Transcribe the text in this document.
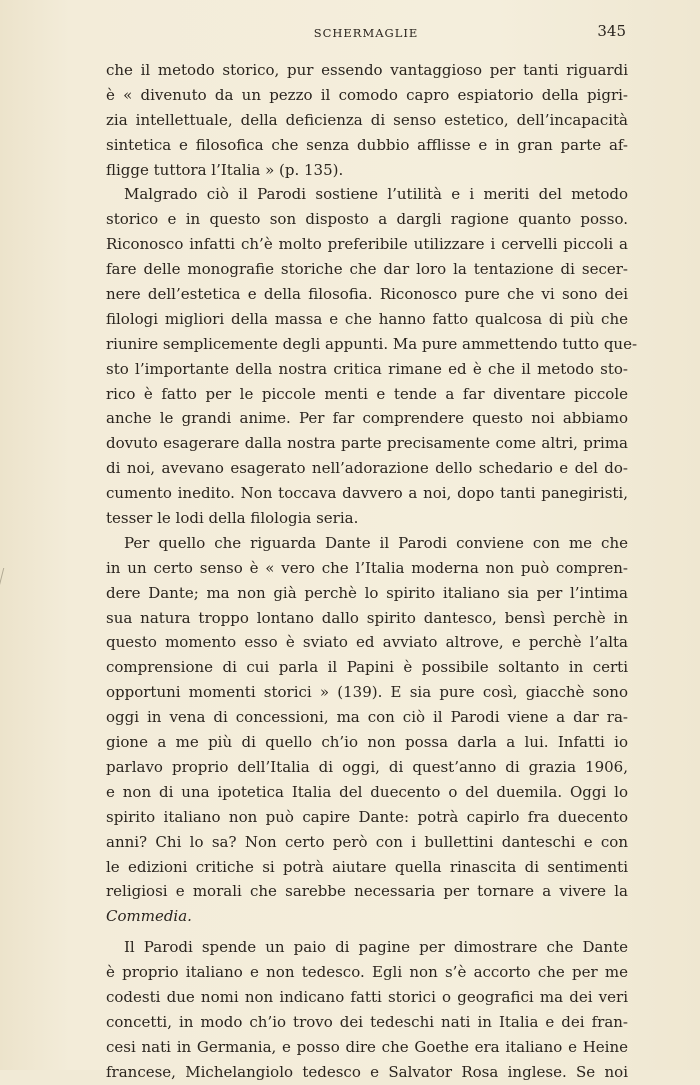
SCHERMAGLIE	345
che il metodo storico, pur essendo vantaggioso per tanti riguardi
è « divenuto da un pezzo il comodo capro espiatorio della pigri-
zia intellettuale, della deficienza di senso estetico, dell’incapacità
sintetica e filosofica che senza dubbio afflisse e in gran parte af-
fligge tuttora l’Italia » (p. 135).
Malgrado ciò il Parodi sostiene l’utilità e i meriti del metodo
storico e in questo son disposto a dargli ragione quanto posso.
Riconosco infatti ch’è molto preferibile utilizzare i cervelli piccoli a
fare delle monografie storiche che dar loro la tentazione di secer-
nere dell’estetica e della filosofia. Riconosco pure che vi sono dei
filologi migliori della massa e che hanno fatto qualcosa di più che
riunire semplicemente degli appunti. Ma pure ammettendo tutto que-
sto l’importante della nostra critica rimane ed è che il metodo sto-
rico è fatto per le piccole menti e tende a far diventare piccole
anche le grandi anime. Per far comprendere questo noi abbiamo
dovuto esagerare dalla nostra parte precisamente come altri, prima
di noi, avevano esagerato nell’adorazione dello schedario e del do-
cumento inedito. Non toccava davvero a noi, dopo tanti panegiristi,
tesser le lodi della filologia seria.
Per quello che riguarda Dante il Parodi conviene con me che
in un certo senso è « vero che l’Italia moderna non può compren-
dere Dante; ma non già perchè lo spirito italiano sia per l’intima
sua natura troppo lontano dallo spirito dantesco, bensì perchè in
questo momento esso è sviato ed avviato altrove, e perchè l’alta
comprensione di cui parla il Papini è possibile soltanto in certi
opportuni momenti storici » (139). E sia pure così, giacchè sono
oggi in vena di concessioni, ma con ciò il Parodi viene a dar ra-
gione a me più di quello ch’io non possa darla a lui. Infatti io
parlavo proprio dell’Italia di oggi, di quest’anno di grazia 1906,
e non di una ipotetica Italia del duecento o del duemila. Oggi lo
spirito italiano non può capire Dante: potrà capirlo fra duecento
anni? Chi lo sa? Non certo però con i bullettini danteschi e con
le edizioni critiche si potrà aiutare quella rinascita di sentimenti
religiosi e morali che sarebbe necessaria per tornare a vivere la
Commedia.
Il Parodi spende un paio di pagine per dimostrare che Dante
è proprio italiano e non tedesco. Egli non s’è accorto che per me
codesti due nomi non indicano fatti storici o geografici ma dei veri
concetti, in modo ch’io trovo dei tedeschi nati in Italia e dei fran-
cesi nati in Germania, e posso dire che Goethe era italiano e Heine
francese, Michelangiolo tedesco e Salvator Rosa inglese. Se noi
